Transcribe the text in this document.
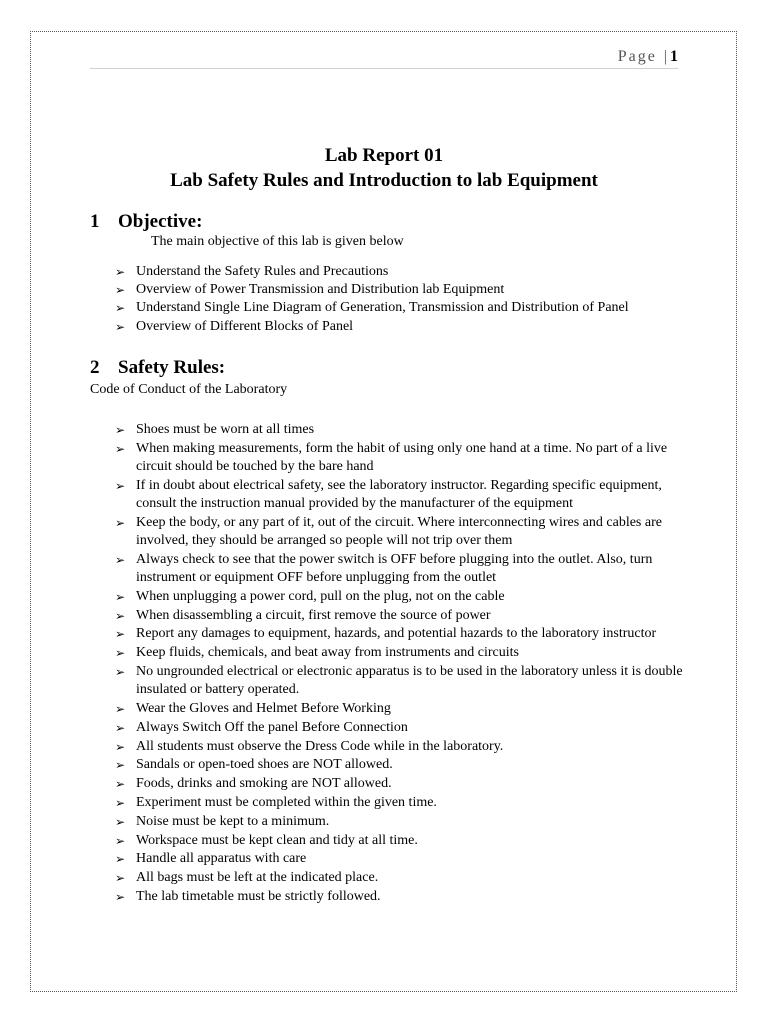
Page |1
Lab Report 01
Lab Safety Rules and Introduction to lab Equipment
1 Objective:
The main objective of this lab is given below
➢ Understand the Safety Rules and Precautions
➢ Overview of Power Transmission and Distribution lab Equipment
➢ Understand Single Line Diagram of Generation, Transmission and Distribution of Panel
➢ Overview of Different Blocks of Panel
2 Safety Rules:
Code of Conduct of the Laboratory
➢ Shoes must be worn at all times
➢ When making measurements, form the habit of using only one hand at a time. No part of a live circuit should be touched by the bare hand
➢ If in doubt about electrical safety, see the laboratory instructor. Regarding specific equipment, consult the instruction manual provided by the manufacturer of the equipment
➢ Keep the body, or any part of it, out of the circuit. Where interconnecting wires and cables are involved, they should be arranged so people will not trip over them
➢ Always check to see that the power switch is OFF before plugging into the outlet. Also, turn instrument or equipment OFF before unplugging from the outlet
➢ When unplugging a power cord, pull on the plug, not on the cable
➢ When disassembling a circuit, first remove the source of power
➢ Report any damages to equipment, hazards, and potential hazards to the laboratory instructor
➢ Keep fluids, chemicals, and beat away from instruments and circuits
➢ No ungrounded electrical or electronic apparatus is to be used in the laboratory unless it is double insulated or battery operated.
➢ Wear the Gloves and Helmet Before Working
➢ Always Switch Off the panel Before Connection
➢ All students must observe the Dress Code while in the laboratory.
➢ Sandals or open-toed shoes are NOT allowed.
➢ Foods, drinks and smoking are NOT allowed.
➢ Experiment must be completed within the given time.
➢ Noise must be kept to a minimum.
➢ Workspace must be kept clean and tidy at all time.
➢ Handle all apparatus with care
➢ All bags must be left at the indicated place.
➢ The lab timetable must be strictly followed.
